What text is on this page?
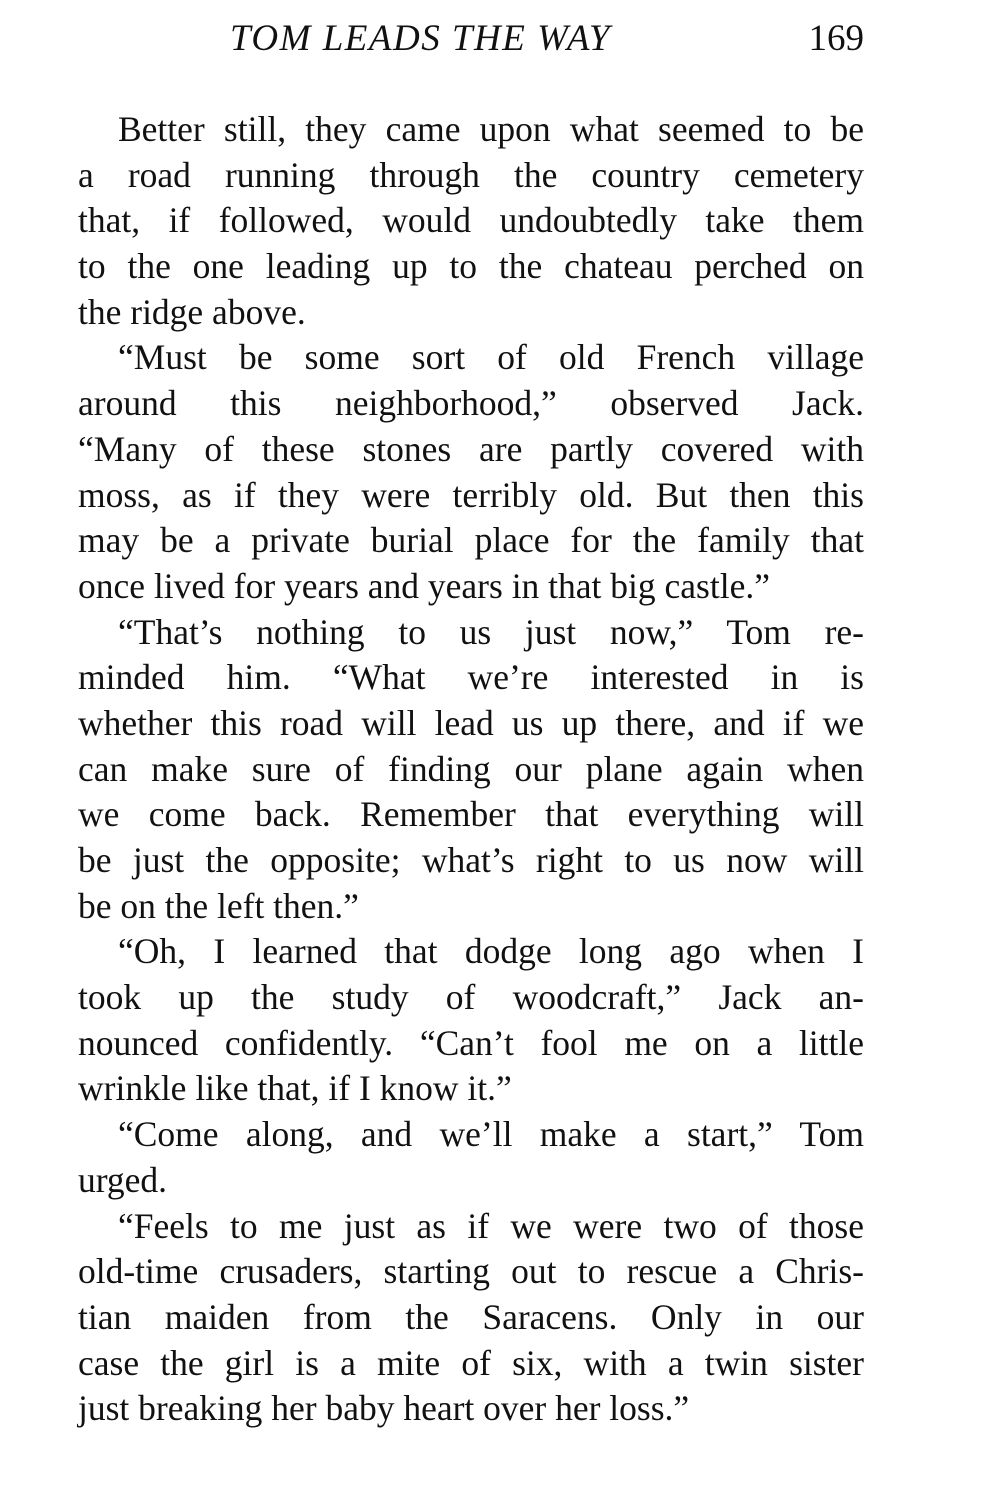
TOM LEADS THE WAY	169
Better still, they came upon what seemed to be
a road running through the country cemetery
that, if followed, would undoubtedly take them
to the one leading up to the chateau perched on
the ridge above.
“Must be some sort of old French village
around this neighborhood,” observed Jack.
“Many of these stones are partly covered with
moss, as if they were terribly old. But then this
may be a private burial place for the family that
once lived for years and years in that big castle.”
“That’s nothing to us just now,” Tom re-
minded him. “What we’re interested in is
whether this road will lead us up there, and if we
can make sure of finding our plane again when
we come back. Remember that everything will
be just the opposite; what’s right to us now will
be on the left then.”
“Oh, I learned that dodge long ago when I
took up the study of woodcraft,” Jack an-
nounced confidently. “Can’t fool me on a little
wrinkle like that, if I know it.”
“Come along, and we’ll make a start,” Tom
urged.
“Feels to me just as if we were two of those
old-time crusaders, starting out to rescue a Chris-
tian maiden from the Saracens. Only in our
case the girl is a mite of six, with a twin sister
just breaking her baby heart over her loss.”
